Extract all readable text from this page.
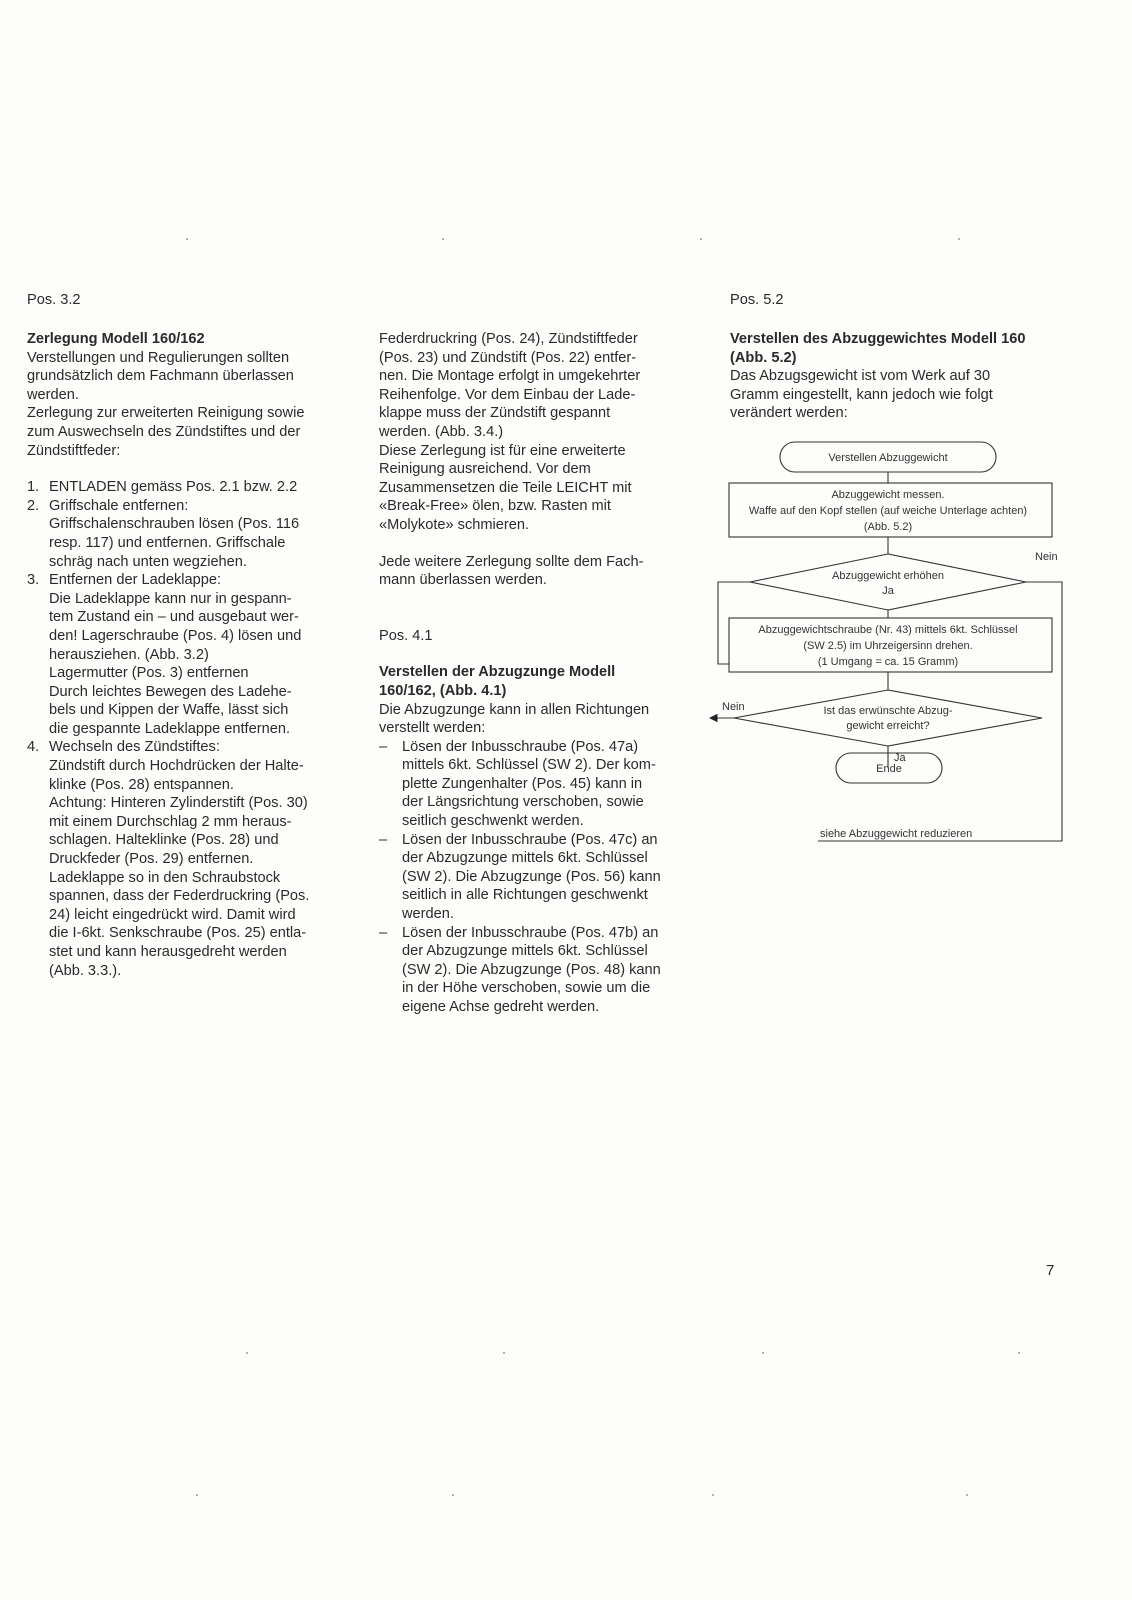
Pos. 3.2

Zerlegung Modell 160/162

Verstellungen und Regulierungen sollten

grundsätzlich dem Fachmann überlassen

werden.

Zerlegung zur erweiterten Reinigung sowie

zum Auswechseln des Zündstiftes und der

Zündstiftfeder:

1. ENTLADEN gemäss Pos. 2.1 bzw. 2.2

2. Griffschale entfernen:

Griffschalenschrauben lösen (Pos. 116

resp. 117) und entfernen. Griffschale

schräg nach unten wegziehen.

3. Entfernen der Ladeklappe:

Die Ladeklappe kann nur in gespann-

tem Zustand ein – und ausgebaut wer-

den! Lagerschraube (Pos. 4) lösen und

herausziehen. (Abb. 3.2)

Lagermutter (Pos. 3) entfernen

Durch leichtes Bewegen des Ladehe-

bels und Kippen der Waffe, lässt sich

die gespannte Ladeklappe entfernen.

4. Wechseln des Zündstiftes:

Zündstift durch Hochdrücken der Halte-

klinke (Pos. 28) entspannen.

Achtung: Hinteren Zylinderstift (Pos. 30)

mit einem Durchschlag 2 mm heraus-

schlagen. Halteklinke (Pos. 28) und

Druckfeder (Pos. 29) entfernen.

Ladeklappe so in den Schraubstock

spannen, dass der Federdruckring (Pos.

24) leicht eingedrückt wird. Damit wird

die I-6kt. Senkschraube (Pos. 25) entla-

stet und kann herausgedreht werden

(Abb. 3.3.).

Federdruckring (Pos. 24), Zündstiftfeder

(Pos. 23) und Zündstift (Pos. 22) entfer-

nen. Die Montage erfolgt in umgekehrter

Reihenfolge. Vor dem Einbau der Lade-

klappe muss der Zündstift gespannt

werden. (Abb. 3.4.)

Diese Zerlegung ist für eine erweiterte

Reinigung ausreichend. Vor dem

Zusammensetzen die Teile LEICHT mit

«Break-Free» ölen, bzw. Rasten mit

«Molykote» schmieren.

Jede weitere Zerlegung sollte dem Fach-

mann überlassen werden.

Pos. 4.1

Verstellen der Abzugzunge Modell

160/162, (Abb. 4.1)

Die Abzugzunge kann in allen Richtungen

verstellt werden:

– Lösen der Inbusschraube (Pos. 47a)

mittels 6kt. Schlüssel (SW 2). Der kom-

plette Zungenhalter (Pos. 45) kann in

der Längsrichtung verschoben, sowie

seitlich geschwenkt werden.

– Lösen der Inbusschraube (Pos. 47c) an

der Abzugzunge mittels 6kt. Schlüssel

(SW 2). Die Abzugzunge (Pos. 56) kann

seitlich in alle Richtungen geschwenkt

werden.

– Lösen der Inbusschraube (Pos. 47b) an

der Abzugzunge mittels 6kt. Schlüssel

(SW 2). Die Abzugzunge (Pos. 48) kann

in der Höhe verschoben, sowie um die

eigene Achse gedreht werden.

Pos. 5.2

Verstellen des Abzuggewichtes Modell 160

(Abb. 5.2)

Das Abzugsgewicht ist vom Werk auf 30

Gramm eingestellt, kann jedoch wie folgt

verändert werden:

Verstellen Abzuggewicht
Abzuggewicht messen.
Waffe auf den Kopf stellen (auf weiche Unterlage achten)
(Abb. 5.2)
Abzuggewicht erhöhen
Ja
Nein
Abzuggewichtschraube (Nr. 43) mittels 6kt. Schlüssel
(SW 2.5) im Uhrzeigersinn drehen.
(1 Umgang = ca. 15 Gramm)
Ist das erwünschte Abzug-
gewicht erreicht?
Nein
Ja
Ende
siehe Abzuggewicht reduzieren
7
